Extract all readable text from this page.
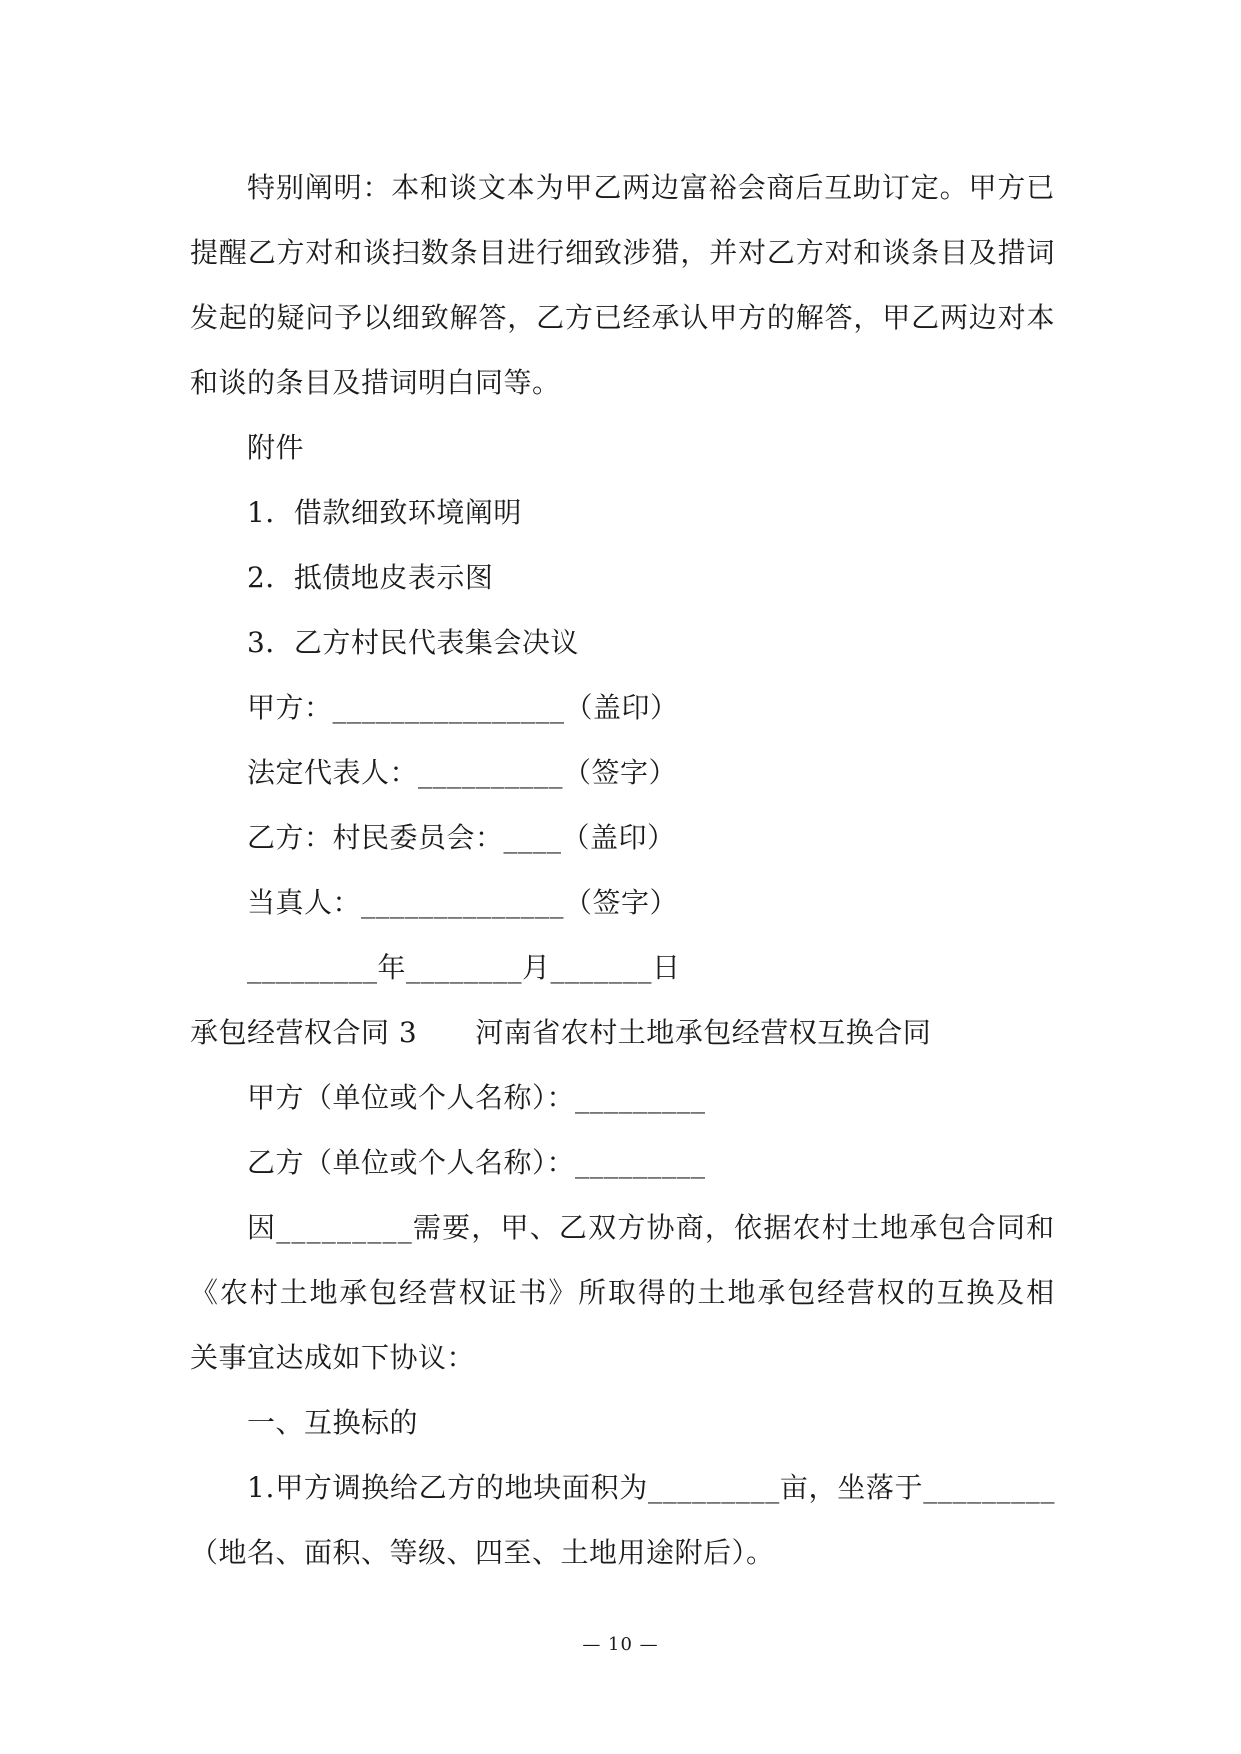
特 别 阐 明 ： 本 和 谈 文 本 为 甲 乙 两 边 富 裕 会 商 后 互 助 订 定 。 甲 方 已
提 醒 乙 方 对 和 谈 扫 数 条 目 进 行 细 致 涉 猎 ， 并 对 乙 方 对 和 谈 条 目 及 措 词
发 起 的 疑 问 予 以 细 致 解 答 ， 乙 方 已 经 承 认 甲 方 的 解 答 ， 甲 乙 两 边 对 本
和谈的条目及措词明白同等。
附件
1．借款细致环境阐明
2．抵债地皮表示图
3．乙方村民代表集会决议
甲方：________________（盖印）
法定代表人：__________（签字）
乙方：村民委员会：____（盖印）
当真人：______________（签字）
_________年________月_______日
承包经营权合同 3 河南省农村土地承包经营权互换合同
甲方（单位或个人名称）：_________
乙方（单位或个人名称）：_________
因 _ _ _ _ _ _ _ _ _ 需 要 ， 甲 、 乙 双 方 协 商 ， 依 据 农 村 土 地 承 包 合 同 和
《 农 村 土 地 承 包 经 营 权 证 书 》 所 取 得 的 土 地 承 包 经 营 权 的 互 换 及 相
关事宜达成如下协议：
一、互换标的
1 . 甲 方 调 换 给 乙 方 的 地 块 面 积 为 _ _ _ _ _ _ _ _ _ 亩 ， 坐 落 于 _ _ _ _ _ _ _ _ _
（地名、面积、等级、四至、土地用途附后）。
— 10 —
